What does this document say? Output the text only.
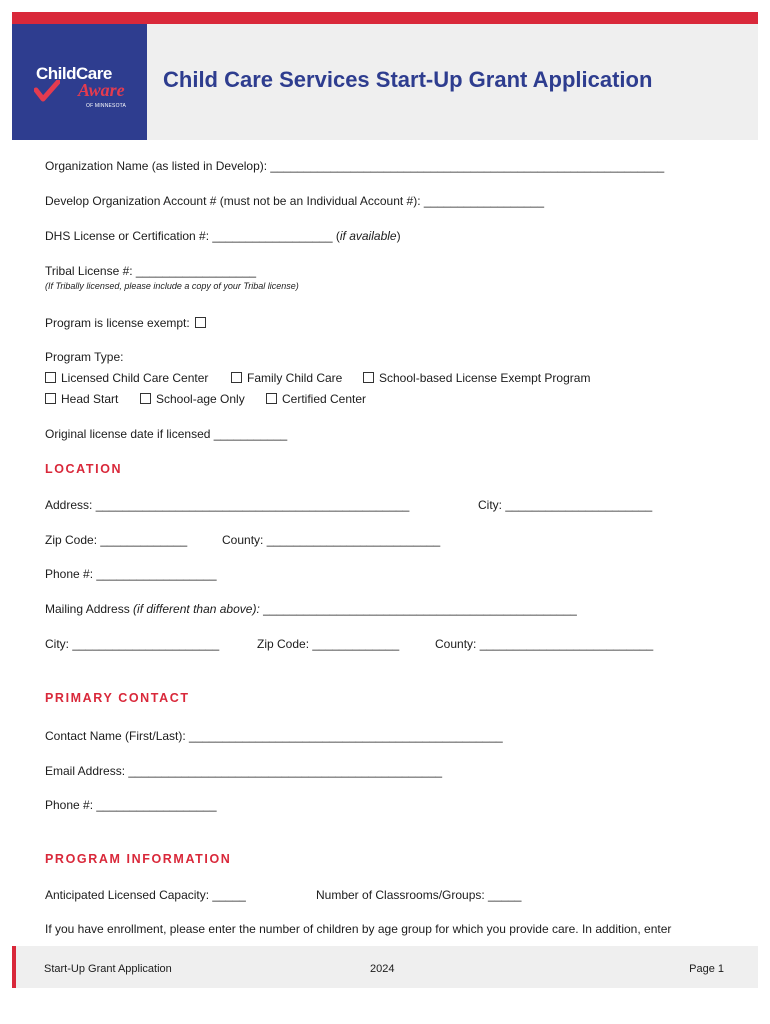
ChildCare
Aware
OF MINNESOTA
Child Care Services Start-Up Grant Application
Organization Name (as listed in Develop): ___________________________________________________________
Develop Organization Account # (must not be an Individual Account #): __________________
DHS License or Certification #: __________________ (if available)
Tribal License #: __________________
(If Tribally licensed, please include a copy of your Tribal license)
Program is license exempt:
Program Type:
Licensed Child Care Center	Family Child Care	School-based License Exempt Program
Head Start	School-age Only	Certified Center
Original license date if licensed ___________
LOCATION
Address: _______________________________________________	City: ______________________
Zip Code: _____________	County: __________________________
Phone #: __________________
Mailing Address (if different than above): _______________________________________________
City: ______________________	Zip Code: _____________	County: __________________________
PRIMARY CONTACT
Contact Name (First/Last): _______________________________________________
Email Address: _______________________________________________
Phone #: __________________
PROGRAM INFORMATION
Anticipated Licensed Capacity: _____	Number of Classrooms/Groups: _____
If you have enrollment, please enter the number of children by age group for which you provide care. In addition, enter
Start-Up Grant Application	2024	Page 1
